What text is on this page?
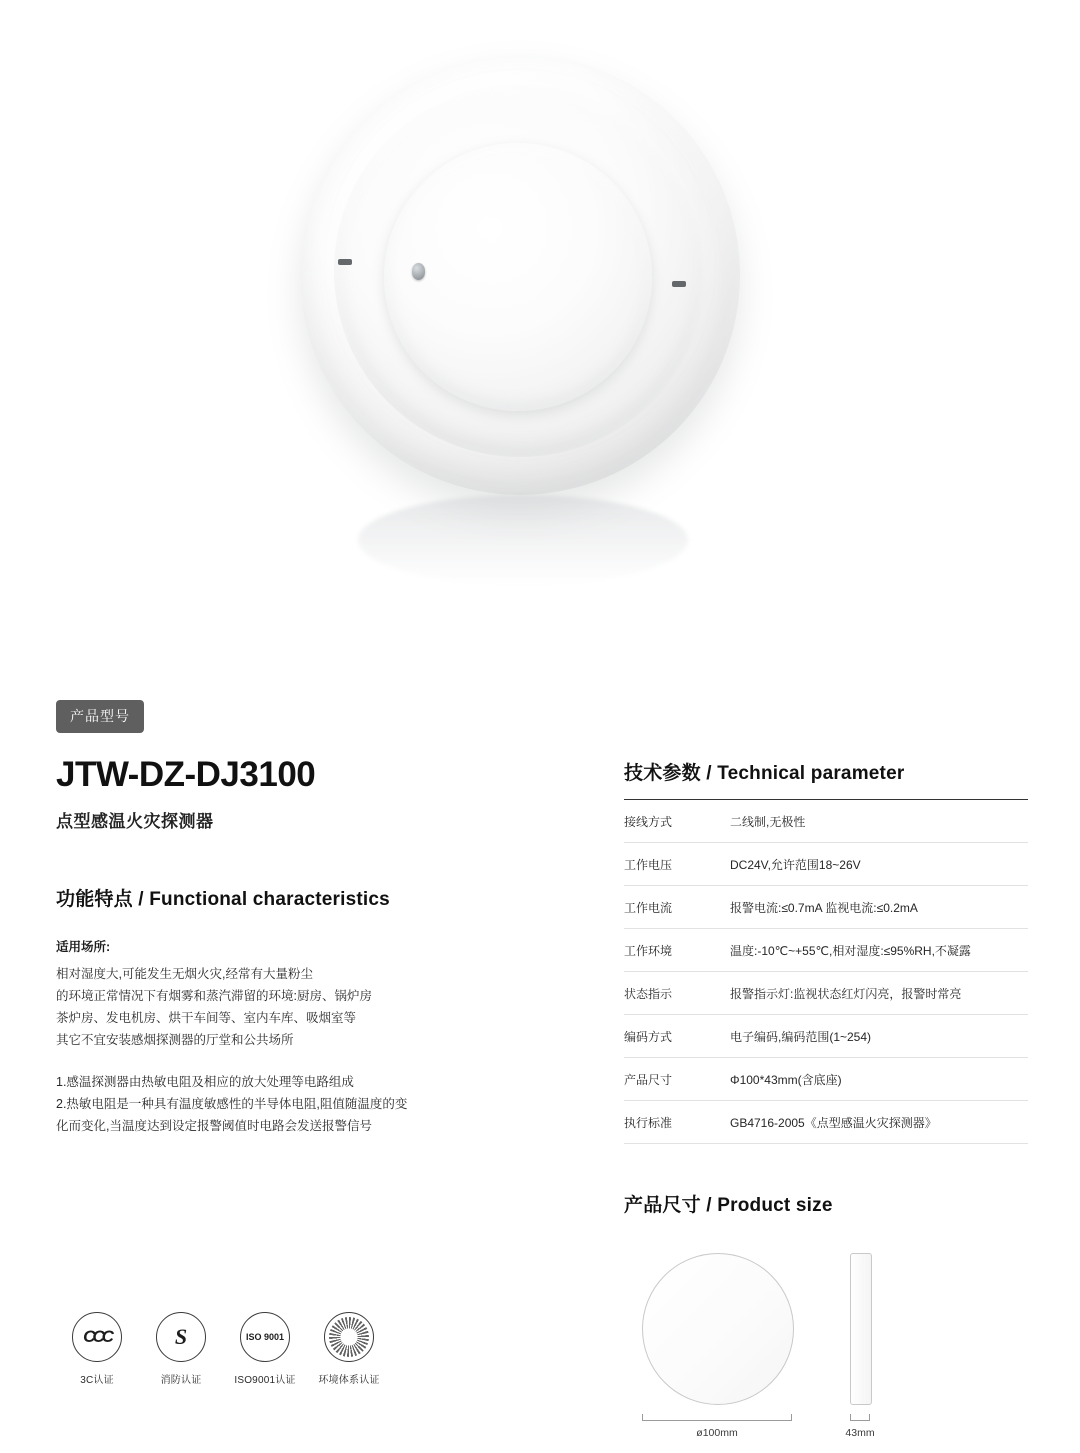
产品型号
JTW-DZ-DJ3100

点型感温火灾探测器

功能特点 / Functional characteristics

适用场所:

相对湿度大,可能发生无烟火灾,经常有大量粉尘

的环境正常情况下有烟雾和蒸汽滞留的环境:厨房、锅炉房

茶炉房、发电机房、烘干车间等、室内车库、吸烟室等

其它不宜安装感烟探测器的厅堂和公共场所

1.感温探测器由热敏电阻及相应的放大处理等电路组成

2.热敏电阻是一种具有温度敏感性的半导体电阻,阻值随温度的变

化而变化,当温度达到设定报警阈值时电路会发送报警信号

技术参数 / Technical parameter
接线方式	二线制,无极性
工作电压	DC24V,允许范围18~26V
工作电流	报警电流:≤0.7mA 监视电流:≤0.2mA
工作环境	温度:-10℃~+55℃,相对湿度:≤95%RH,不凝露
状态指示	报警指示灯:监视状态红灯闪亮，报警时常亮
编码方式	电子编码,编码范围(1~254)
产品尺寸	Φ100*43mm(含底座)
执行标准	GB4716-2005《点型感温火灾探测器》
产品尺寸 / Product size
ø100mm	43mm
CCC
3C认证
S
消防认证
ISO 9001
ISO9001认证	环境体系认证
